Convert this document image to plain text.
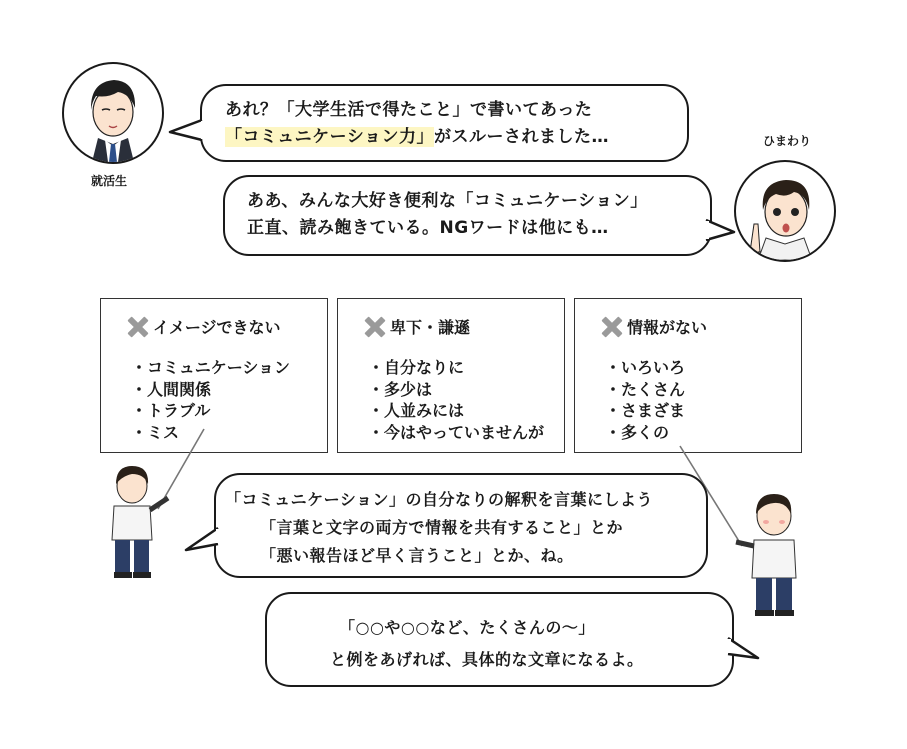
就活生
ひまわり
あれ？「大学生活で得たこと」で書いてあった
「コミュニケーション力」がスルーされました…
ああ、みんな大好き便利な「コミュニケーション」
正直、読み飽きている。NGワードは他にも…
イメージできない
・ コミュニケーション
・ 人間関係
・ トラブル
・ ミス
卑下・謙遜
・ 自分なりに
・ 多少は
・ 人並みには
・ 今はやっていませんが
情報がない
・ いろいろ
・ たくさん
・ さまざま
・ 多くの
「コミュニケーション」の自分なりの解釈を言葉にしよう
「言葉と文字の両方で情報を共有すること」とか
「悪い報告ほど早く言うこと」とか、ね。
「○○や○○など、たくさんの～」
と例をあげれば、具体的な文章になるよ。
